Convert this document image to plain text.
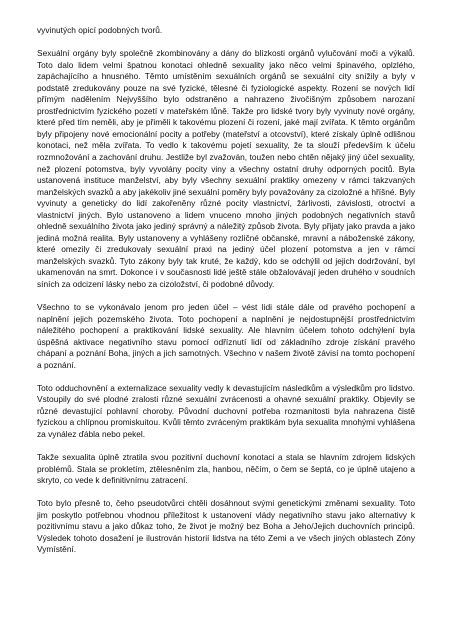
vyvinutých opicí podobných tvorů.

Sexuální orgány byly společně zkombinovány a dány do blízkosti orgánů vylučování moči a výkalů. Toto dalo lidem velmi špatnou konotaci ohledně sexuality jako něco velmi špinavého, oplzlého, zapáchajícího a hnusného. Těmto umístěním sexuálních orgánů se sexuální city snížily a byly v podstatě zredukovány pouze na své fyzické, tělesné či fyziologické aspekty. Rození se nových lidí přímým nadělením Nejvyššího bylo odstraněno a nahrazeno živočišným způsobem narozaní prostřednictvím fyzického pozetí v mateřském lůně. Takže pro lidské tvory byly vyvinuty nové orgány, které před tím neměli, aby je přiměli k takovému plození či rození, jaké mají zvířata. K těmto orgánům byly připojeny nové emocionální pocity a potřeby (mateřství a otcovství), které získaly úplně odlišnou konotaci, než měla zvířata. To vedlo k takovému pojetí sexuality, že ta slouží především k účelu rozmnožování a zachování druhu. Jestliže byl zvažován, toužen nebo chtěn nějaký jiný účel sexuality, než plození potomstva, byly vyvolány pocity viny a všechny ostatní druhy odporných pocitů. Byla ustanovená instituce manželství, aby byly všechny sexuální praktiky omezeny v rámci takzvaných manželských svazků a aby jakékoliv jiné sexuální poměry byly považovány za cizoložné a hříšné. Byly vyvinuty a geneticky do lidí zakořeněny různé pocity vlastnictví, žárlivosti, závislosti, otroctví a vlastnictví jiných. Bylo ustanoveno a lidem vnuceno mnoho jiných podobných negativních stavů ohledně sexuálního života jako jediný správný a náležitý způsob života. Byly přijaty jako pravda a jako jediná možná realita. Byly ustanoveny a vyhlášeny rozličné občanské, mravní a náboženské zákony, které omezily či zredukovaly sexuální praxi na jediný účel plození potomstva a jen v rámci manželských svazků. Tyto zákony byly tak kruté, že každý, kdo se odchýlil od jejich dodržování, byl ukamenován na smrt. Dokonce i v současnosti lidé ještě stále obžalovávají jeden druhého v soudních síních za odcizení lásky nebo za cizoložství, či podobné důvody.

Všechno to se vykonávalo jenom pro jeden účel – vést lidi stále dále od pravého pochopení a naplnění jejich pozemského života. Toto pochopení a naplnění je nejdostupnější prostřednictvím náležitého pochopení a praktikování lidské sexuality. Ale hlavním účelem tohoto odchýlení byla úspěšná aktivace negativního stavu pomocí odříznutí lidí od základního zdroje získání pravého chápaní a poznání Boha, jiných a jich samotných. Všechno v našem životě závisí na tomto pochopení a poznání.

Toto odduchovnění a externalizace sexuality vedly k devastujícím následkům a výsledkům pro lidstvo. Vstoupily do své plodné zralosti různé sexuální zvrácenosti a ohavné sexuální praktiky. Objevily se různé devastující pohlavní choroby. Původní duchovní potřeba rozmanitosti byla nahrazena čistě fyzickou a chlípnou promiskuitou. Kvůli těmto zvráceným praktikám byla sexualita mnohými vyhlášena za vynález ďábla nebo pekel.

Takže sexualita úplně ztratila svou pozitivní duchovní konotaci a stala se hlavním zdrojem lidských problémů. Stala se prokletím, ztělesněním zla, hanbou, něčím, o čem se šeptá, co je úplně utajeno a skryto, co vede k definitivnímu zatracení.

Toto bylo přesně to, čeho pseudotvůrci chtěli dosáhnout svými genetickými změnami sexuality. Toto jim poskytlo potřebnou vhodnou příležitost k ustanovení vlády negativního stavu jako alternativy k pozitivnímu stavu a jako důkaz toho, že život je možný bez Boha a Jeho/Jejich duchovních principů. Výsledek tohoto dosažení je ilustrován historií lidstva na této Zemi a ve všech jiných oblastech Zóny Vymístění.
